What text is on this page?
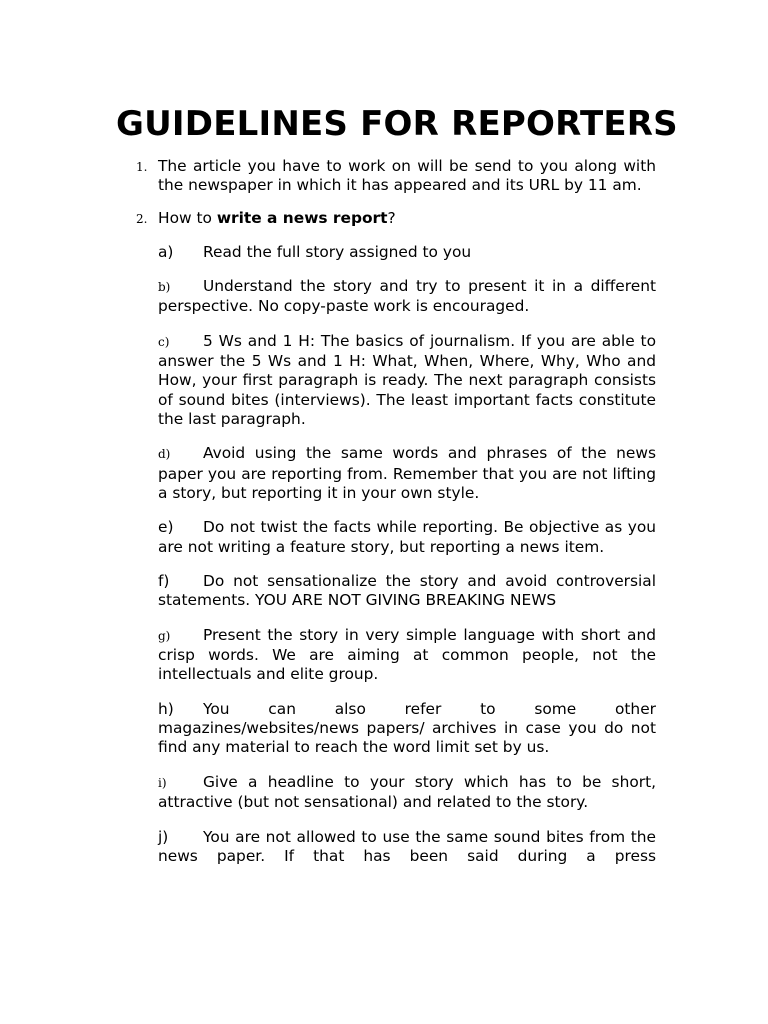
GUIDELINES FOR REPORTERS
1. The article you have to work on will be send to you along with the newspaper in which it has appeared and its URL by 11 am.
2. How to write a news report?

a) Read the full story assigned to you

b) Understand the story and try to present it in a different perspective. No copy-paste work is encouraged.

c) 5 Ws and 1 H: The basics of journalism. If you are able to answer the 5 Ws and 1 H: What, When, Where, Why, Who and How, your first paragraph is ready. The next paragraph consists of sound bites (interviews). The least important facts constitute the last paragraph.

d) Avoid using the same words and phrases of the news paper you are reporting from. Remember that you are not lifting a story, but reporting it in your own style.

e) Do not twist the facts while reporting. Be objective as you are not writing a feature story, but reporting a news item.

f) Do not sensationalize the story and avoid controversial statements. YOU ARE NOT GIVING BREAKING NEWS

g) Present the story in very simple language with short and crisp words. We are aiming at common people, not the intellectuals and elite group.

h) You can also refer to some other magazines/websites/news papers/ archives in case you do not find any material to reach the word limit set by us.

i) Give a headline to your story which has to be short, attractive (but not sensational) and related to the story.

j) You are not allowed to use the same sound bites from the news paper. If that has been said during a press
